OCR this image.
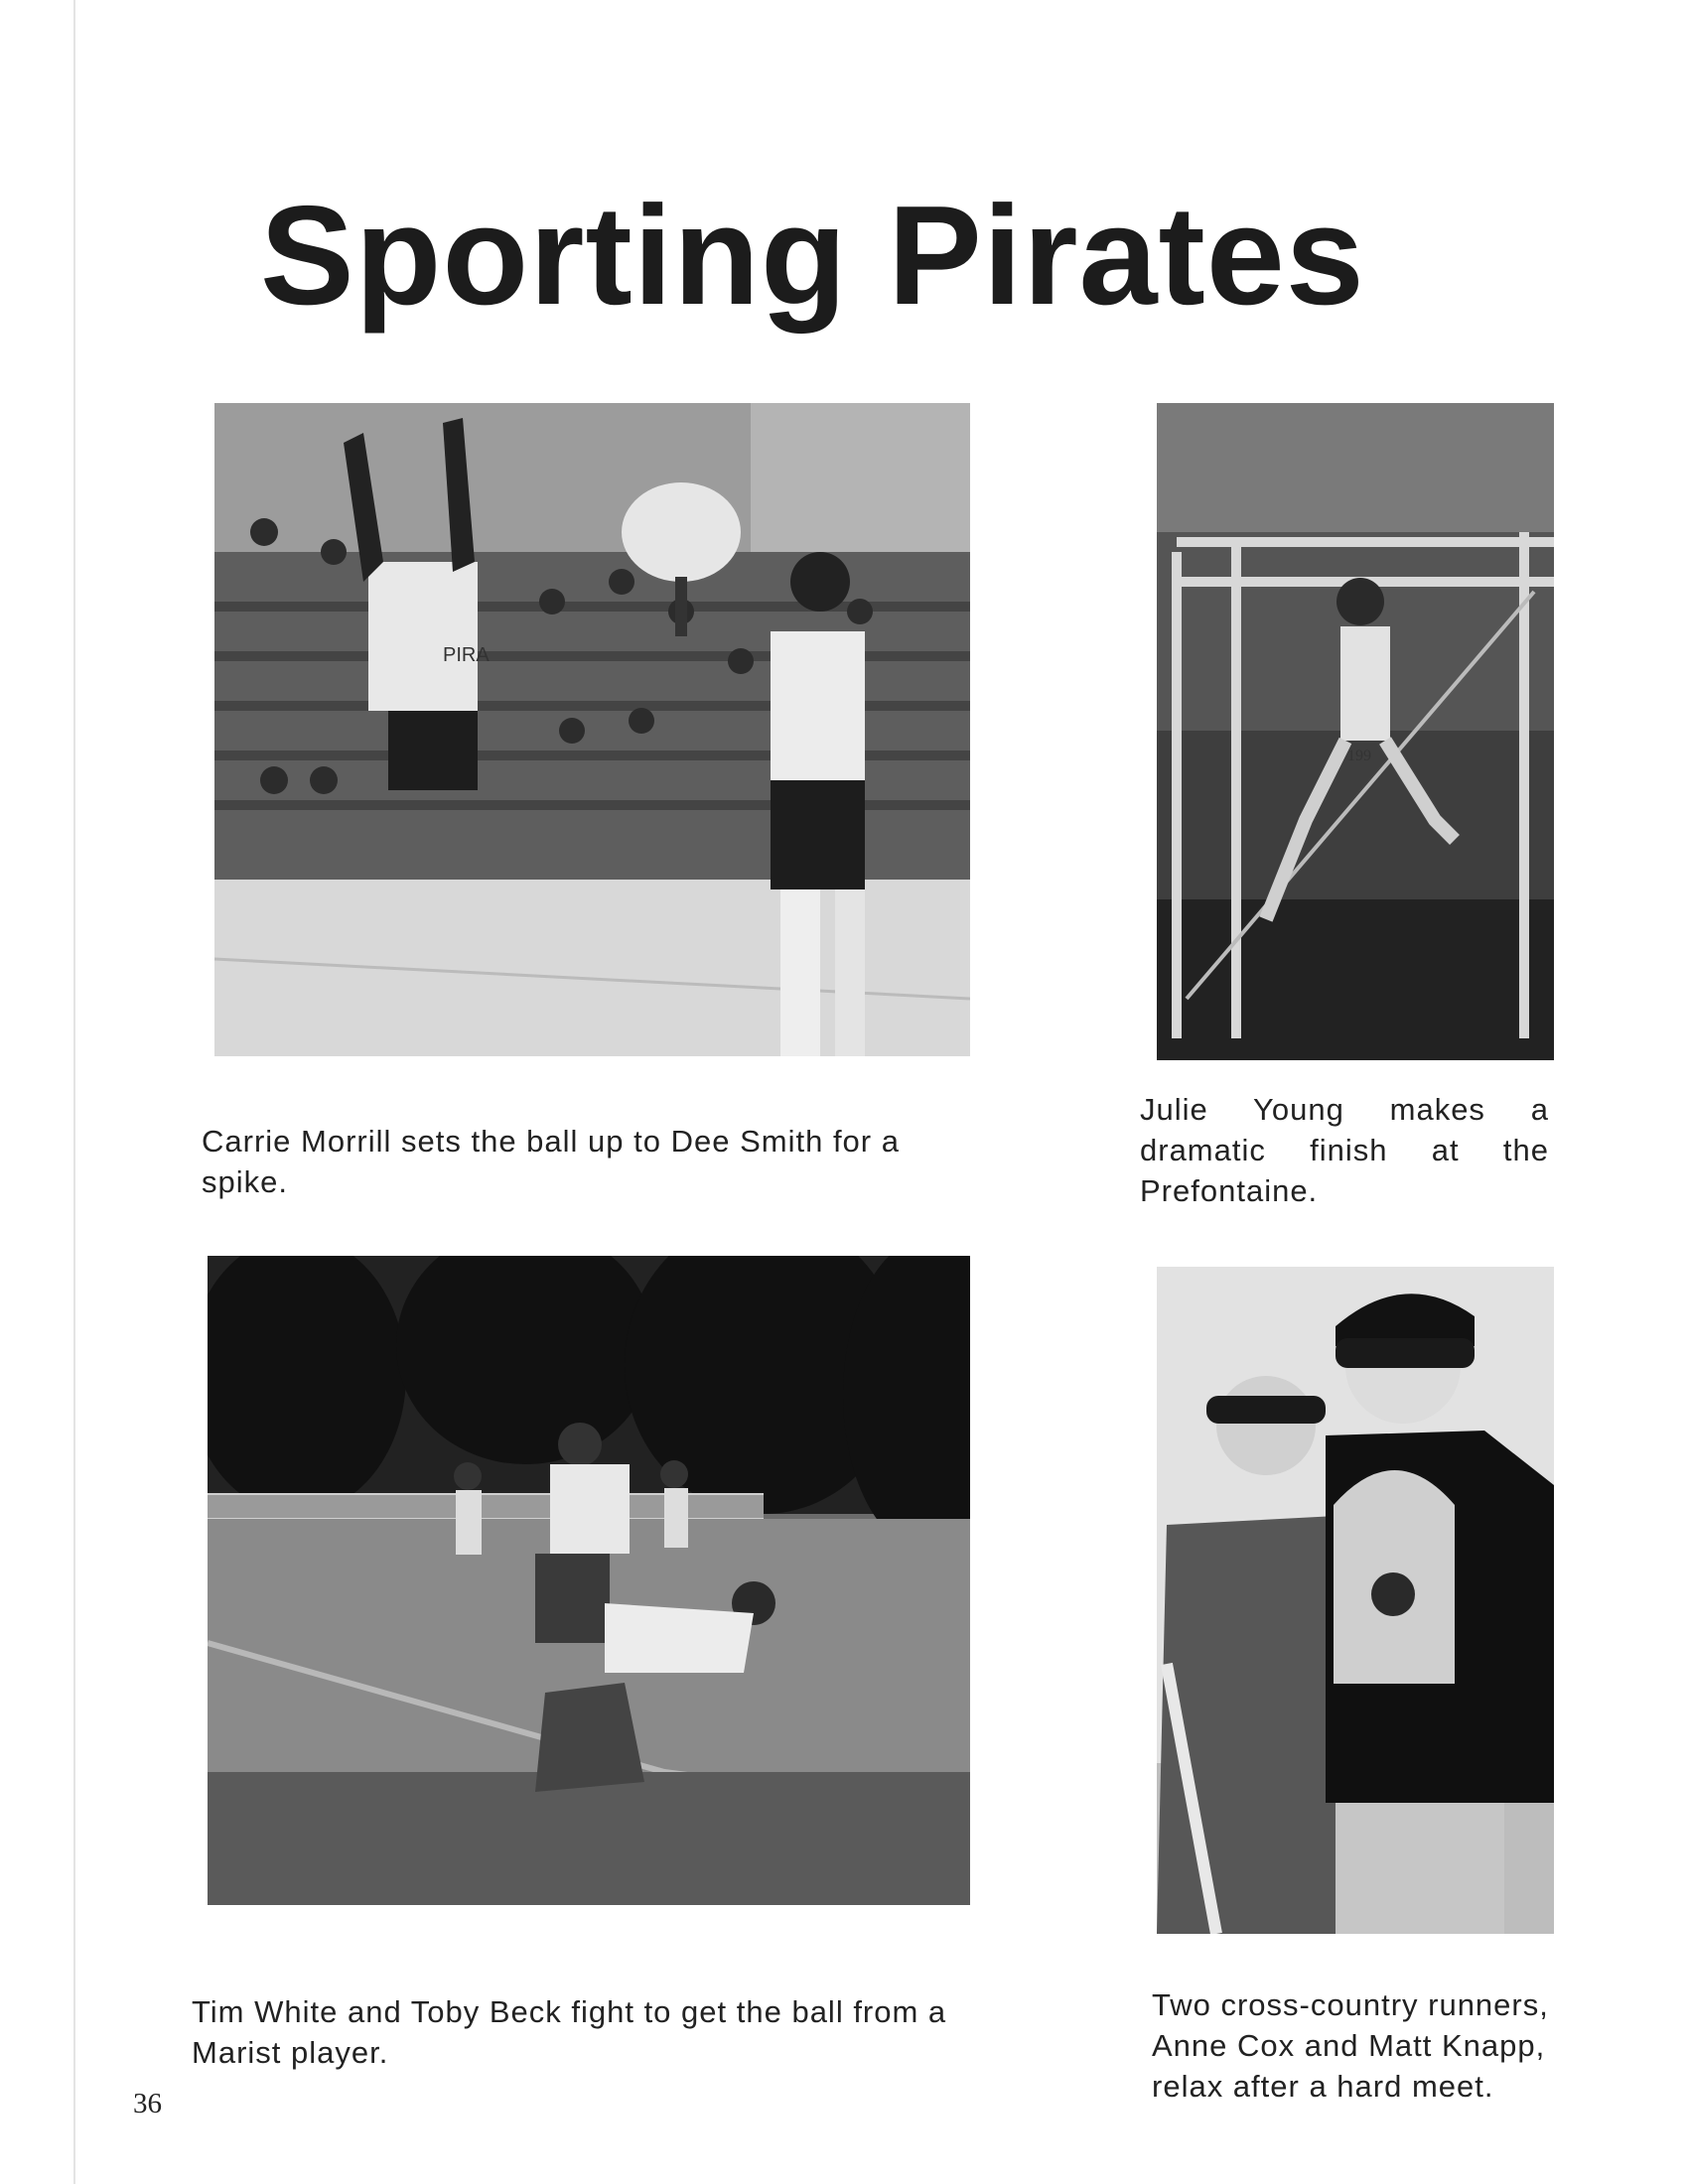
Sporting Pirates
PIRA

Carrie Morrill sets the ball up to Dee Smith for a spike.

199

Julie Young makes a dramatic finish at the Prefontaine.

Tim White and Toby Beck fight to get the ball from a Marist player.

Two cross-country runners, Anne Cox and Matt Knapp, relax after a hard meet.

36
